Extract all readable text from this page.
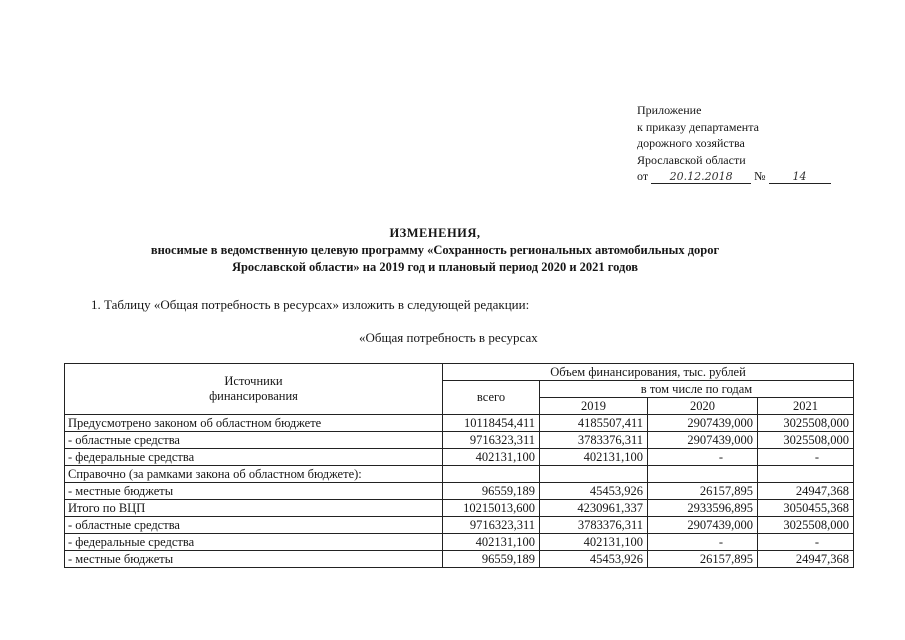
Приложение
к приказу департамента
дорожного хозяйства
Ярославской области
от 20.12.2018 № 14
ИЗМЕНЕНИЯ,
вносимые в ведомственную целевую программу «Сохранность региональных автомобильных дорог
Ярославской области» на 2019 год и плановый период 2020 и 2021 годов
1. Таблицу «Общая потребность в ресурсах» изложить в следующей редакции:
«Общая потребность в ресурсах
Источники
финансирования	Объем финансирования, тыс. рублей			
	всего	в том числе по годам		
		2019	2020	2021
Предусмотрено законом об областном бюджете	10118454,411	4185507,411	2907439,000	3025508,000
- областные средства	9716323,311	3783376,311	2907439,000	3025508,000
- федеральные средства	402131,100	402131,100	-	-
Справочно (за рамками закона об областном бюджете):				
- местные бюджеты	96559,189	45453,926	26157,895	24947,368
Итого по ВЦП	10215013,600	4230961,337	2933596,895	3050455,368
- областные средства	9716323,311	3783376,311	2907439,000	3025508,000
- федеральные средства	402131,100	402131,100	-	-
- местные бюджеты	96559,189	45453,926	26157,895	24947,368
